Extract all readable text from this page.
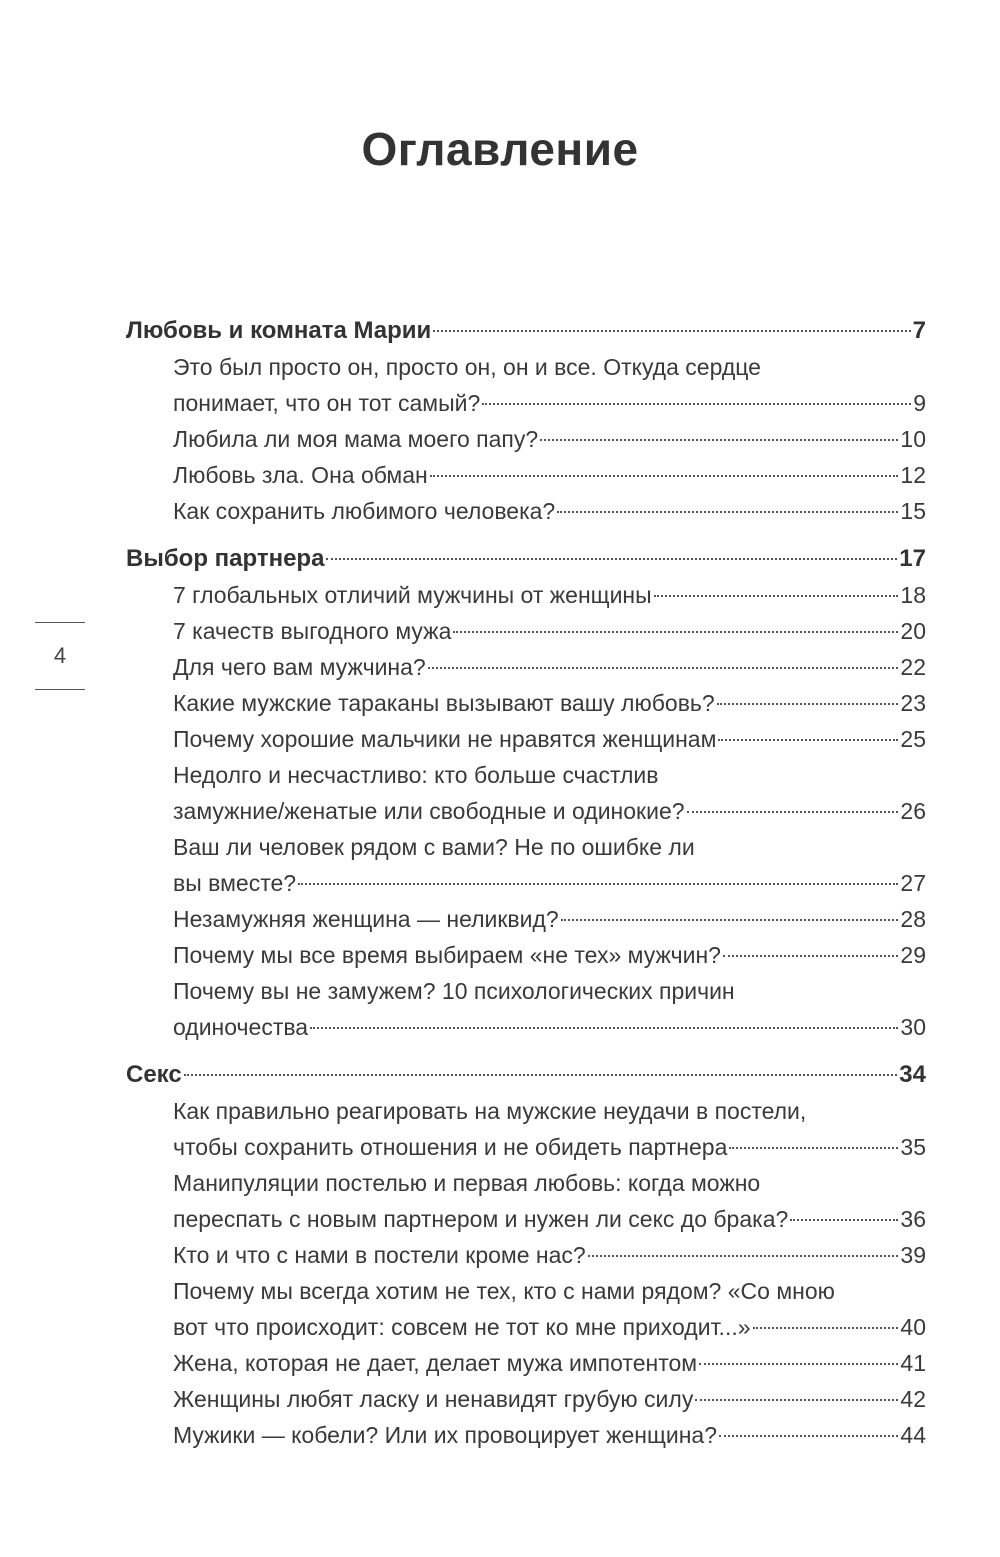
Оглавление
4
Любовь и комната Марии	7
Это был просто он, просто он, он и все. Откуда сердце
понимает, что он тот самый?	9
Любила ли моя мама моего папу?	10
Любовь зла. Она обман	12
Как сохранить любимого человека?	15
Выбор партнера	17
7 глобальных отличий мужчины от женщины	18
7 качеств выгодного мужа	20
Для чего вам мужчина?	22
Какие мужские тараканы вызывают вашу любовь?	23
Почему хорошие мальчики не нравятся женщинам	25
Недолго и несчастливо: кто больше счастлив
замужние/женатые или свободные и одинокие?	26
Ваш ли человек рядом с вами? Не по ошибке ли
вы вместе?	27
Незамужняя женщина — неликвид?	28
Почему мы все время выбираем «не тех» мужчин?	29
Почему вы не замужем? 10 психологических причин
одиночества	30
Секс	34
Как правильно реагировать на мужские неудачи в постели,
чтобы сохранить отношения и не обидеть партнера	35
Манипуляции постелью и первая любовь: когда можно
переспать с новым партнером и нужен ли секс до брака?	36
Кто и что с нами в постели кроме нас?	39
Почему мы всегда хотим не тех, кто с нами рядом? «Со мною
вот что происходит: совсем не тот ко мне приходит...»	40
Жена, которая не дает, делает мужа импотентом	41
Женщины любят ласку и ненавидят грубую силу	42
Мужики — кобели? Или их провоцирует женщина?	44
